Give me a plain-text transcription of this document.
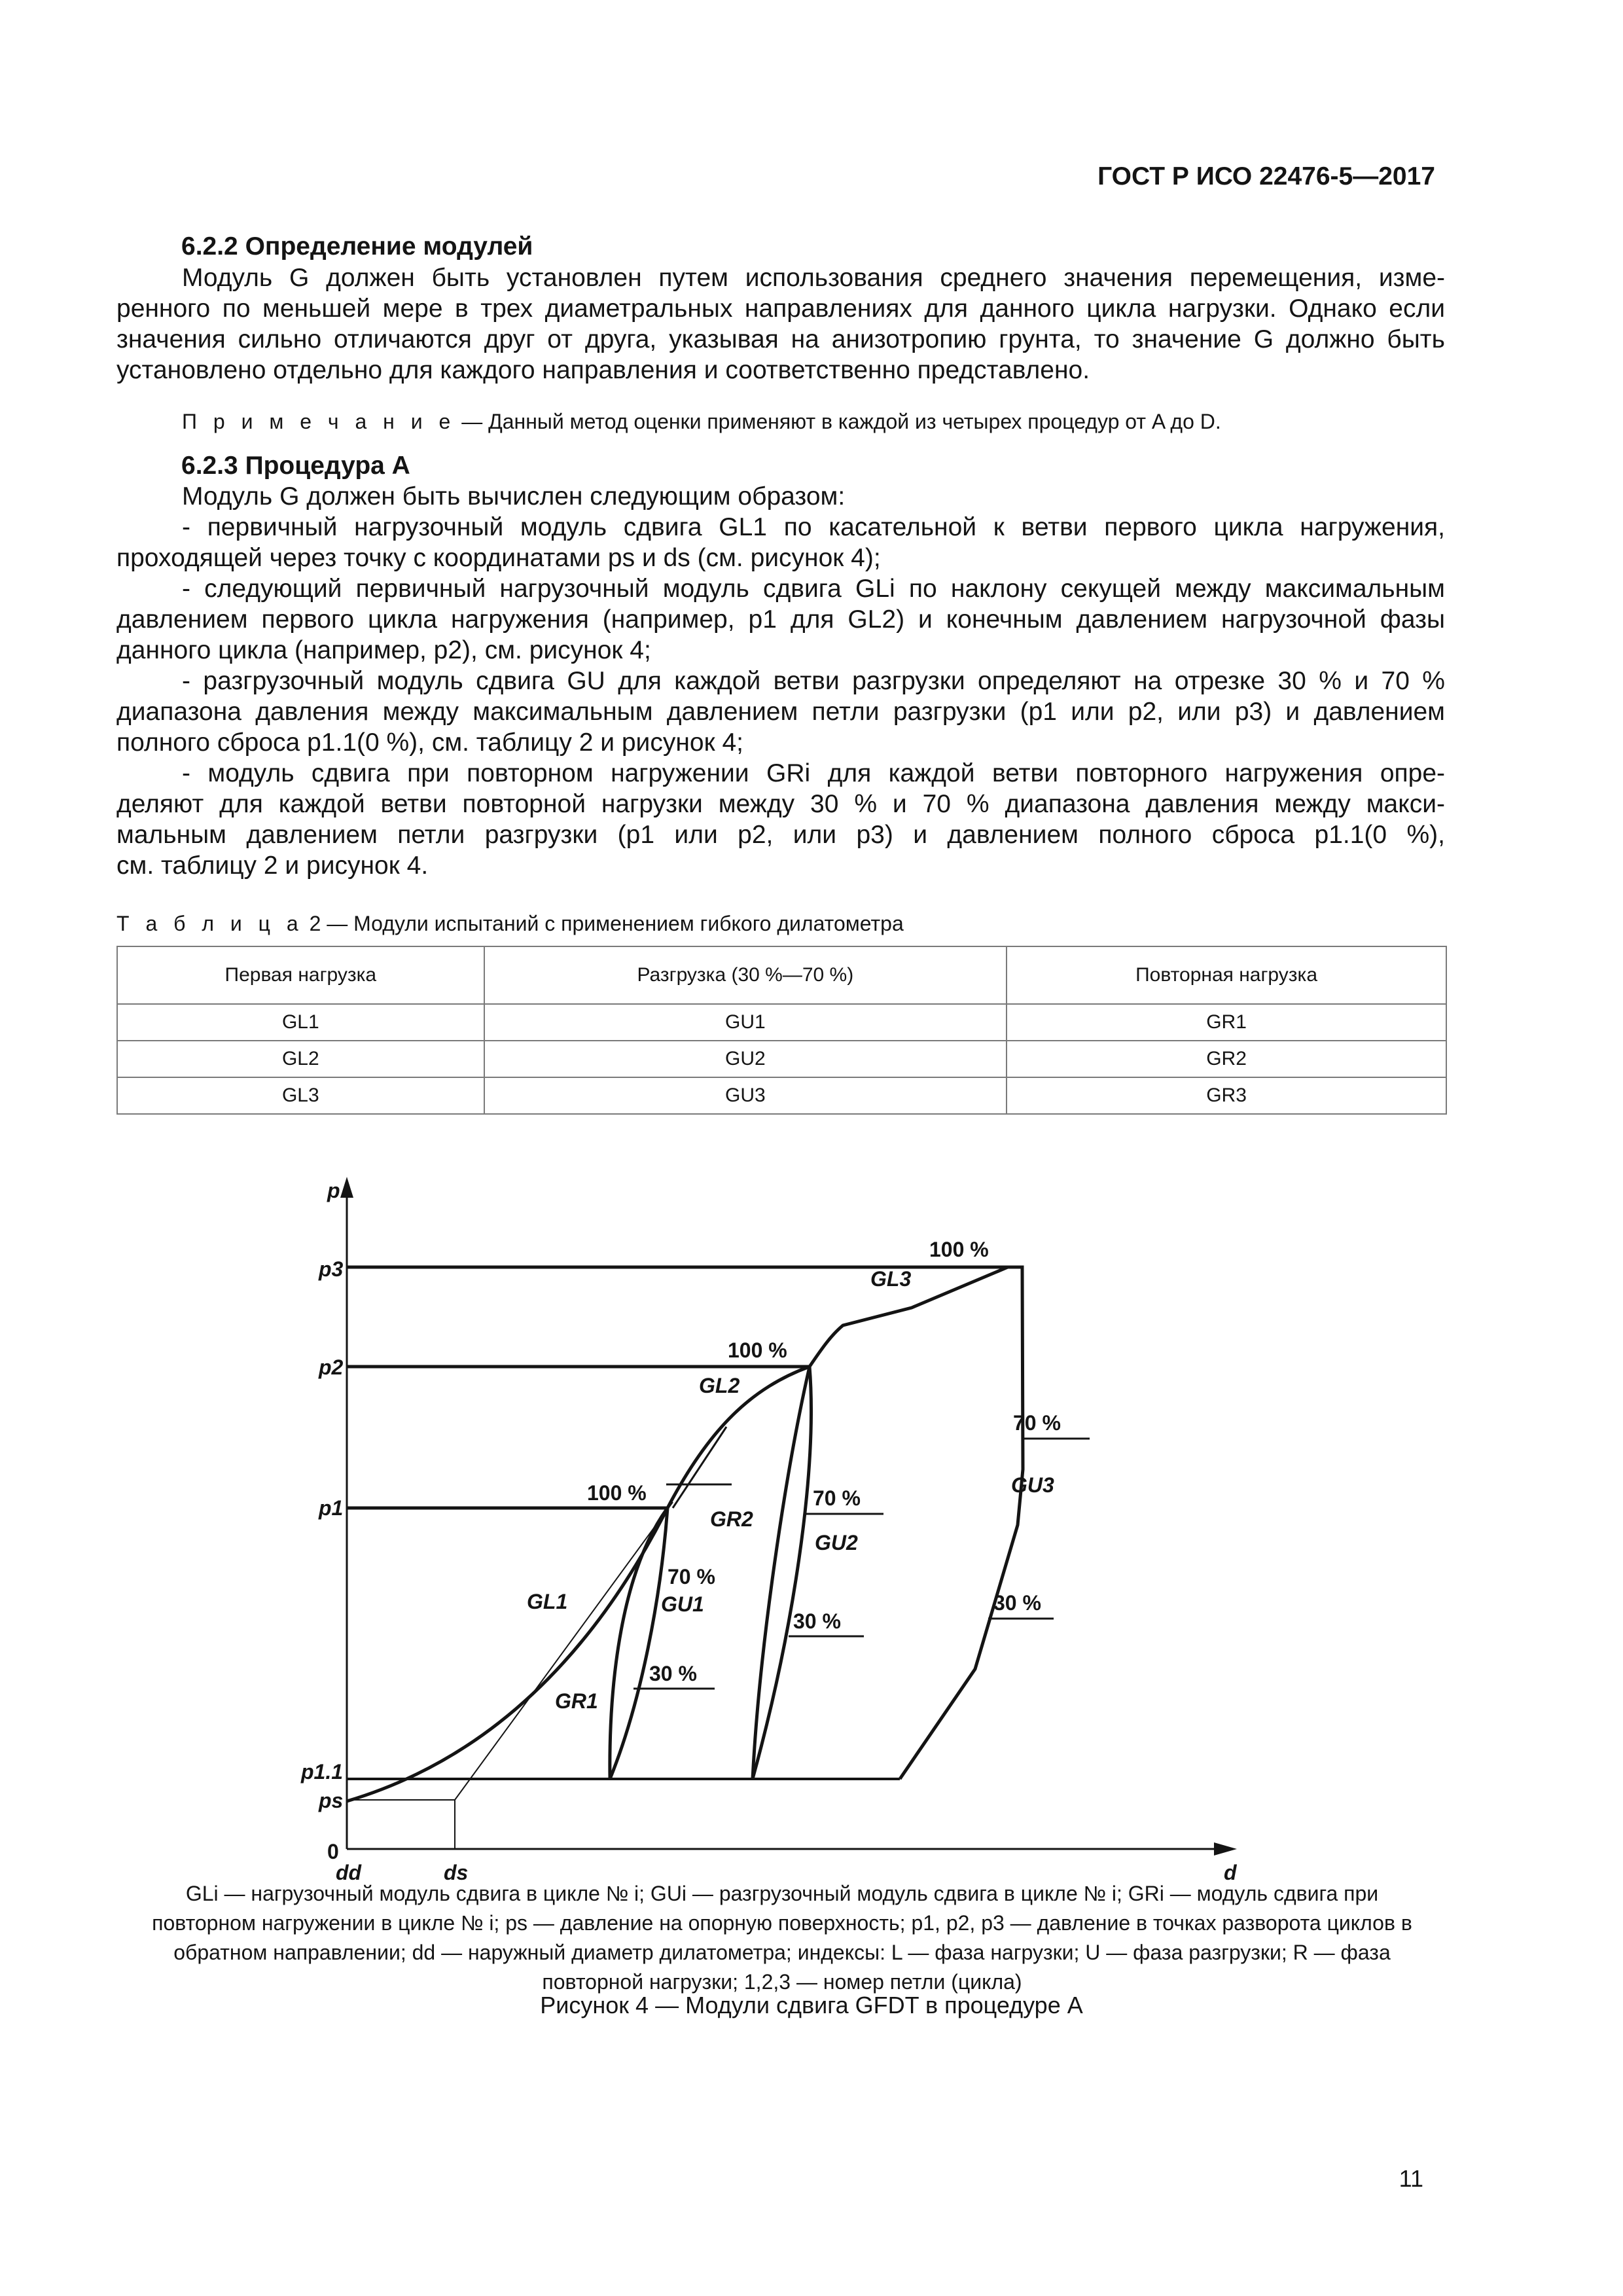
ГОСТ Р ИСО 22476-5—2017
6.2.2 Определение модулей
Модуль G должен быть установлен путем использования среднего значения перемещения, изме-
ренного по меньшей мере в трех диаметральных направлениях для данного цикла нагрузки. Однако если
значения сильно отличаются друг от друга, указывая на анизотропию грунта, то значение G должно быть
установлено отдельно для каждого направления и соответственно представлено.
П р и м е ч а н и е — Данный метод оценки применяют в каждой из четырех процедур от A до D.
6.2.3 Процедура А
Модуль G должен быть вычислен следующим образом:
- первичный нагрузочный модуль сдвига GL1 по касательной к ветви первого цикла нагружения,
проходящей через точку с координатами ps и ds (см. рисунок 4);
- следующий первичный нагрузочный модуль сдвига GLi по наклону секущей между максимальным
давлением первого цикла нагружения (например, p1 для GL2) и конечным давлением нагрузочной фазы
данного цикла (например, p2), см. рисунок 4;
- разгрузочный модуль сдвига GU для каждой ветви разгрузки определяют на отрезке 30 % и 70 %
диапазона давления между максимальным давлением петли разгрузки (p1 или p2, или p3) и давлением
полного сброса p1.1(0 %), см. таблицу 2 и рисунок 4;
- модуль сдвига при повторном нагружении GRi для каждой ветви повторного нагружения опре-
деляют для каждой ветви повторной нагрузки между 30 % и 70 % диапазона давления между макси-
мальным давлением петли разгрузки (p1 или p2, или p3) и давлением полного сброса p1.1(0 %),
см. таблицу 2 и рисунок 4.
Т а б л и ц а 2 — Модули испытаний с применением гибкого дилатометра
Первая нагрузка	Разгрузка (30 %—70 %)	Повторная нагрузка
GL1	GU1	GR1
GL2	GU2	GR2
GL3	GU3	GR3
p
d
p3
p2
p1
p1.1
ps
0
dd	ds
100 %
100 %
100 %	70 %
70 %
70 %
30 %
30 %
30 %
GL3
GL2
GL1
GR2
GU2
GU3
GU1
GR1
GLi — нагрузочный модуль сдвига в цикле № i; GUi — разгрузочный модуль сдвига в цикле № i; GRi — модуль сдвига при
повторном нагружении в цикле № i; ps — давление на опорную поверхность; p1, p2, p3 — давление в точках разворота циклов в
обратном направлении; dd — наружный диаметр дилатометра; индексы: L — фаза нагрузки; U — фаза разгрузки; R — фаза
повторной нагрузки; 1,2,3 — номер петли (цикла)
Рисунок 4 — Модули сдвига GFDT в процедуре А
11
